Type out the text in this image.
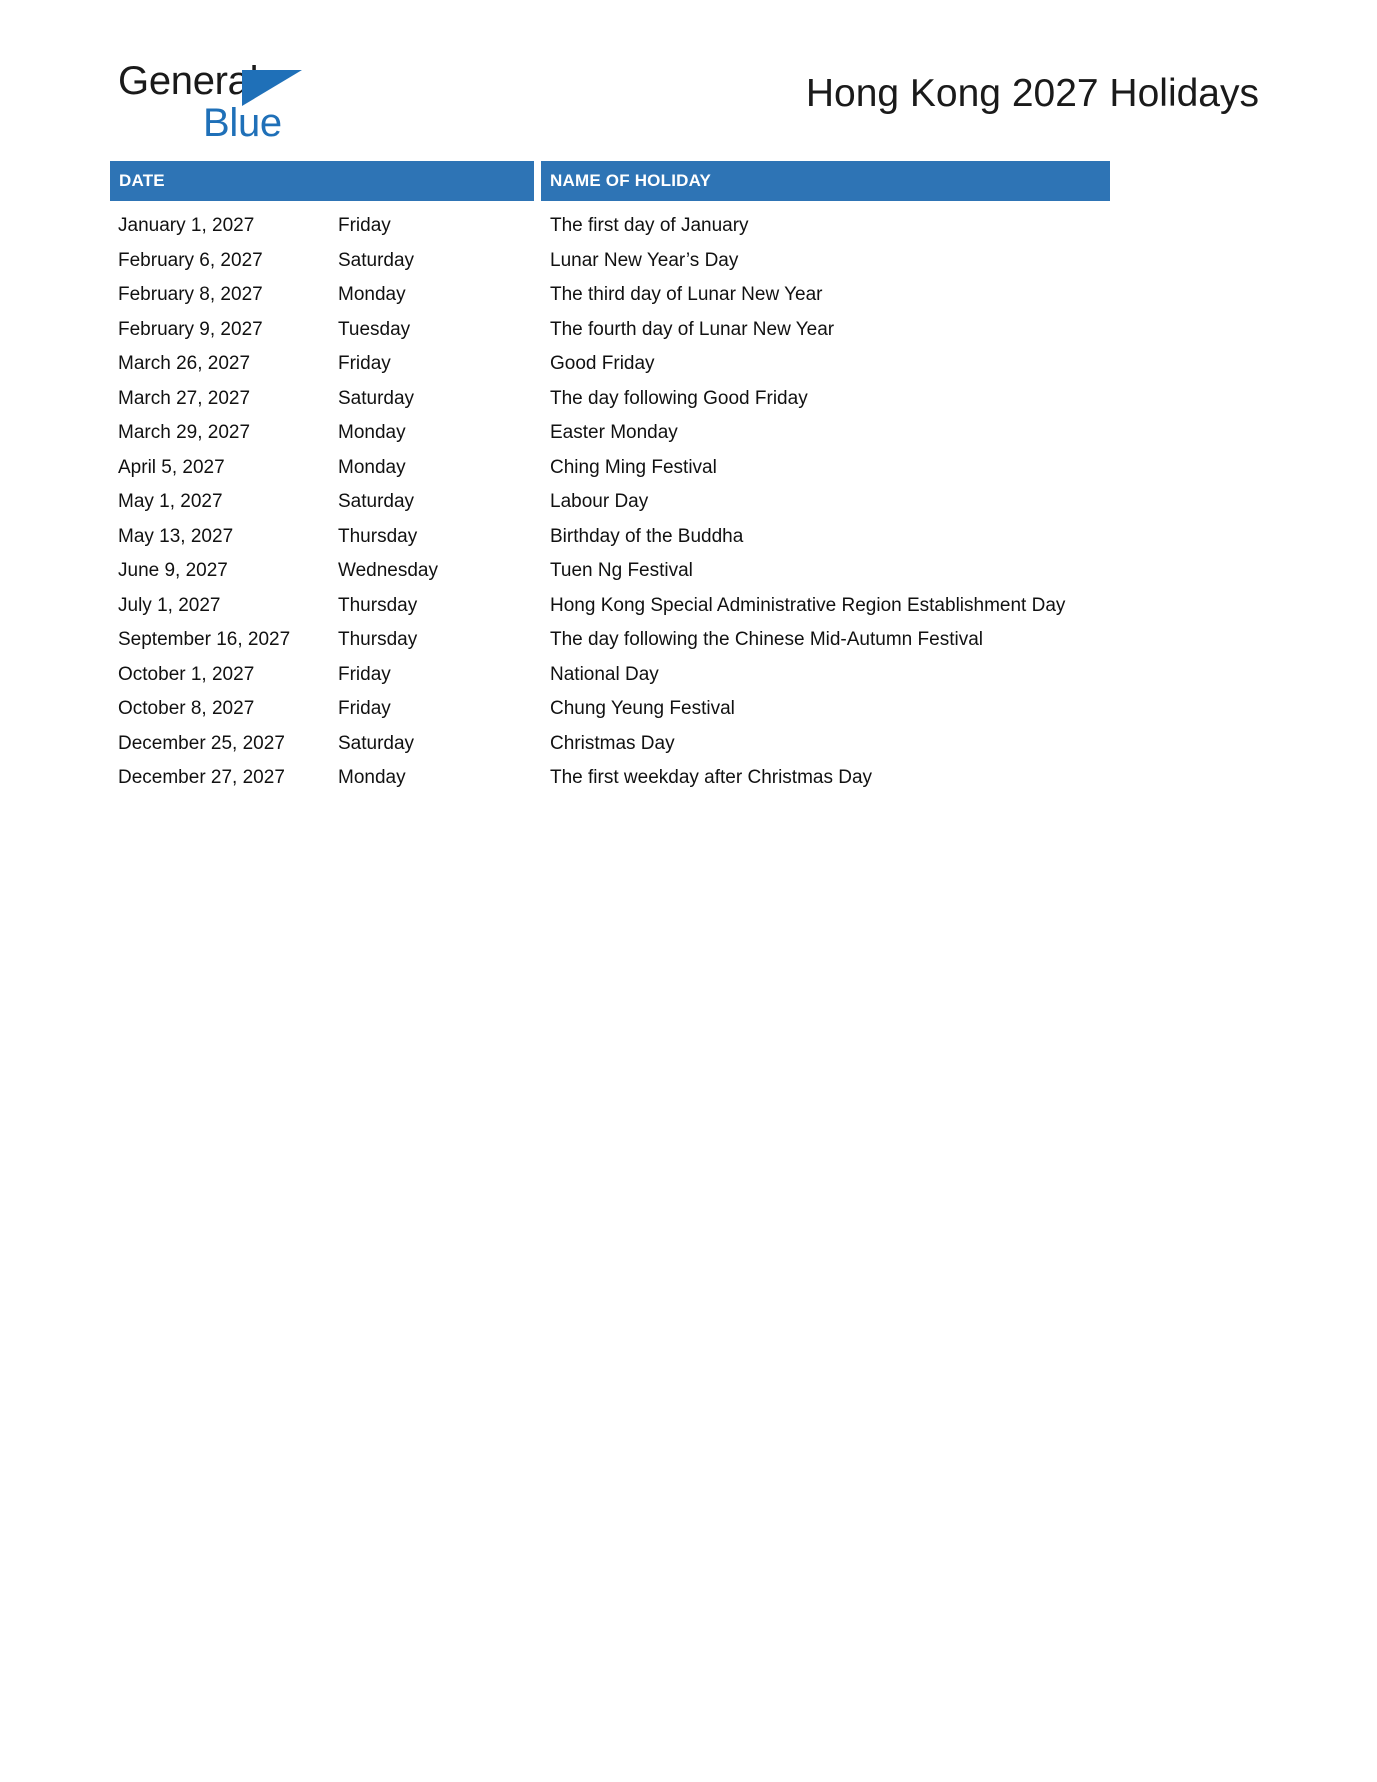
General
Blue
Hong Kong 2027 Holidays
DATE	NAME OF HOLIDAY
January 1, 2027	Friday	The first day of January
February 6, 2027	Saturday	Lunar New Year’s Day
February 8, 2027	Monday	The third day of Lunar New Year
February 9, 2027	Tuesday	The fourth day of Lunar New Year
March 26, 2027	Friday	Good Friday
March 27, 2027	Saturday	The day following Good Friday
March 29, 2027	Monday	Easter Monday
April 5, 2027	Monday	Ching Ming Festival
May 1, 2027	Saturday	Labour Day
May 13, 2027	Thursday	Birthday of the Buddha
June 9, 2027	Wednesday	Tuen Ng Festival
July 1, 2027	Thursday	Hong Kong Special Administrative Region Establishment Day
September 16, 2027	Thursday	The day following the Chinese Mid-Autumn Festival
October 1, 2027	Friday	National Day
October 8, 2027	Friday	Chung Yeung Festival
December 25, 2027	Saturday	Christmas Day
December 27, 2027	Monday	The first weekday after Christmas Day
